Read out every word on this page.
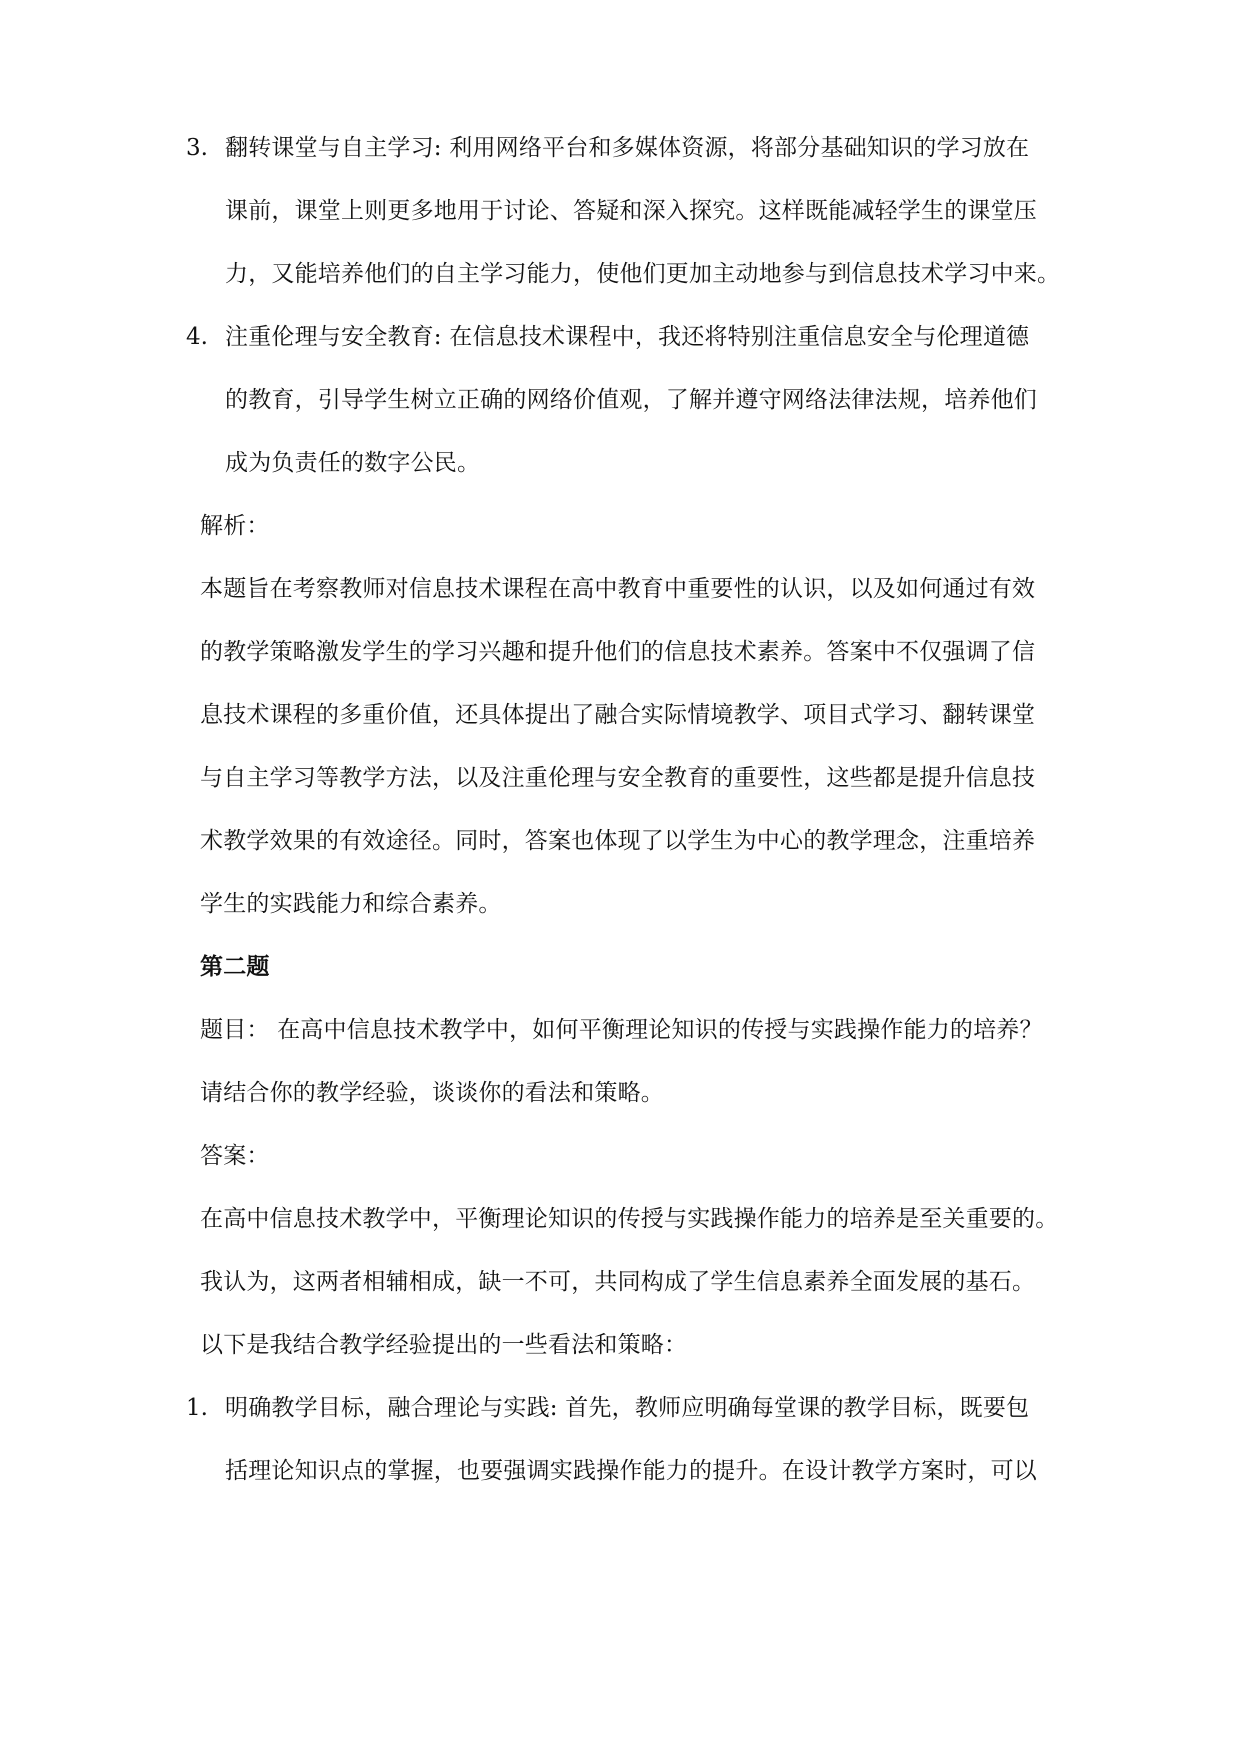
3. 翻转课堂与自主学习: 利用网络平台和多媒体资源，将部分基础知识的学习放在
课前，课堂上则更多地用于讨论、答疑和深入探究。这样既能减轻学生的课堂压
力，又能培养他们的自主学习能力，使他们更加主动地参与到信息技术学习中来。
4. 注重伦理与安全教育: 在信息技术课程中，我还将特别注重信息安全与伦理道德
的教育，引导学生树立正确的网络价值观，了解并遵守网络法律法规，培养他们
成为负责任的数字公民。
解析：
本题旨在考察教师对信息技术课程在高中教育中重要性的认识，以及如何通过有效
的教学策略激发学生的学习兴趣和提升他们的信息技术素养。答案中不仅强调了信
息技术课程的多重价值，还具体提出了融合实际情境教学、项目式学习、翻转课堂
与自主学习等教学方法，以及注重伦理与安全教育的重要性，这些都是提升信息技
术教学效果的有效途径。同时，答案也体现了以学生为中心的教学理念，注重培养
学生的实践能力和综合素养。
第二题
题目： 在高中信息技术教学中，如何平衡理论知识的传授与实践操作能力的培养？
请结合你的教学经验，谈谈你的看法和策略。
答案：
在高中信息技术教学中，平衡理论知识的传授与实践操作能力的培养是至关重要的。
我认为，这两者相辅相成，缺一不可，共同构成了学生信息素养全面发展的基石。
以下是我结合教学经验提出的一些看法和策略：
1. 明确教学目标，融合理论与实践: 首先，教师应明确每堂课的教学目标，既要包
括理论知识点的掌握，也要强调实践操作能力的提升。在设计教学方案时，可以
